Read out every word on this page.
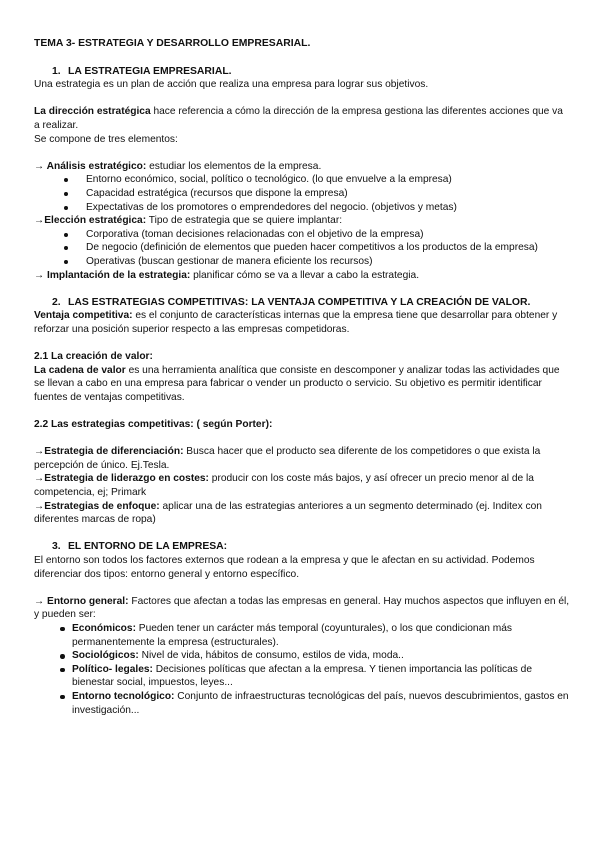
TEMA 3- ESTRATEGIA Y DESARROLLO EMPRESARIAL.

1. LA ESTRATEGIA EMPRESARIAL.

Una estrategia es un plan de acción que realiza una empresa para lograr sus objetivos.

La dirección estratégica hace referencia a cómo la dirección de la empresa gestiona las diferentes acciones que va a realizar.

Se compone de tres elementos:

→ Análisis estratégico: estudiar los elementos de la empresa.

Entorno económico, social, político o tecnológico. (lo que envuelve a la empresa)
Capacidad estratégica (recursos que dispone la empresa)
Expectativas de los promotores o emprendedores del negocio. (objetivos y metas)

→Elección estratégica: Tipo de estrategia que se quiere implantar:

Corporativa (toman decisiones relacionadas con el objetivo de la empresa)
De negocio (definición de elementos que pueden hacer competitivos a los productos de la empresa)
Operativas (buscan gestionar de manera eficiente los recursos)

→ Implantación de la estrategia: planificar cómo se va a llevar a cabo la estrategia.

2. LAS ESTRATEGIAS COMPETITIVAS: LA VENTAJA COMPETITIVA Y LA CREACIÓN DE VALOR.

Ventaja competitiva: es el conjunto de características internas que la empresa tiene que desarrollar para obtener y reforzar una posición superior respecto a las empresas competidoras.

2.1 La creación de valor:

La cadena de valor es una herramienta analítica que consiste en descomponer y analizar todas las actividades que se llevan a cabo en una empresa para fabricar o vender un producto o servicio. Su objetivo es permitir identificar fuentes de ventajas competitivas.

2.2 Las estrategias competitivas: ( según Porter):

→Estrategia de diferenciación: Busca hacer que el producto sea diferente de los competidores o que exista la percepción de único. Ej.Tesla.

→Estrategia de liderazgo en costes: producir con los coste más bajos, y así ofrecer un precio menor al de la competencia, ej; Primark

→Estrategias de enfoque: aplicar una de las estrategias anteriores a un segmento determinado (ej. Inditex con diferentes marcas de ropa)

3. EL ENTORNO DE LA EMPRESA:

El entorno son todos los factores externos que rodean a la empresa y que le afectan en su actividad. Podemos diferenciar dos tipos: entorno general y entorno específico.

→ Entorno general: Factores que afectan a todas las empresas en general. Hay muchos aspectos que influyen en él, y pueden ser:

Económicos: Pueden tener un carácter más temporal (coyunturales), o los que condicionan más permanentemente la empresa (estructurales).
Sociológicos: Nivel de vida, hábitos de consumo, estilos de vida, moda..
Político- legales: Decisiones políticas que afectan a la empresa. Y tienen importancia las políticas de bienestar social, impuestos, leyes...
Entorno tecnológico: Conjunto de infraestructuras tecnológicas del país, nuevos descubrimientos, gastos en investigación...
